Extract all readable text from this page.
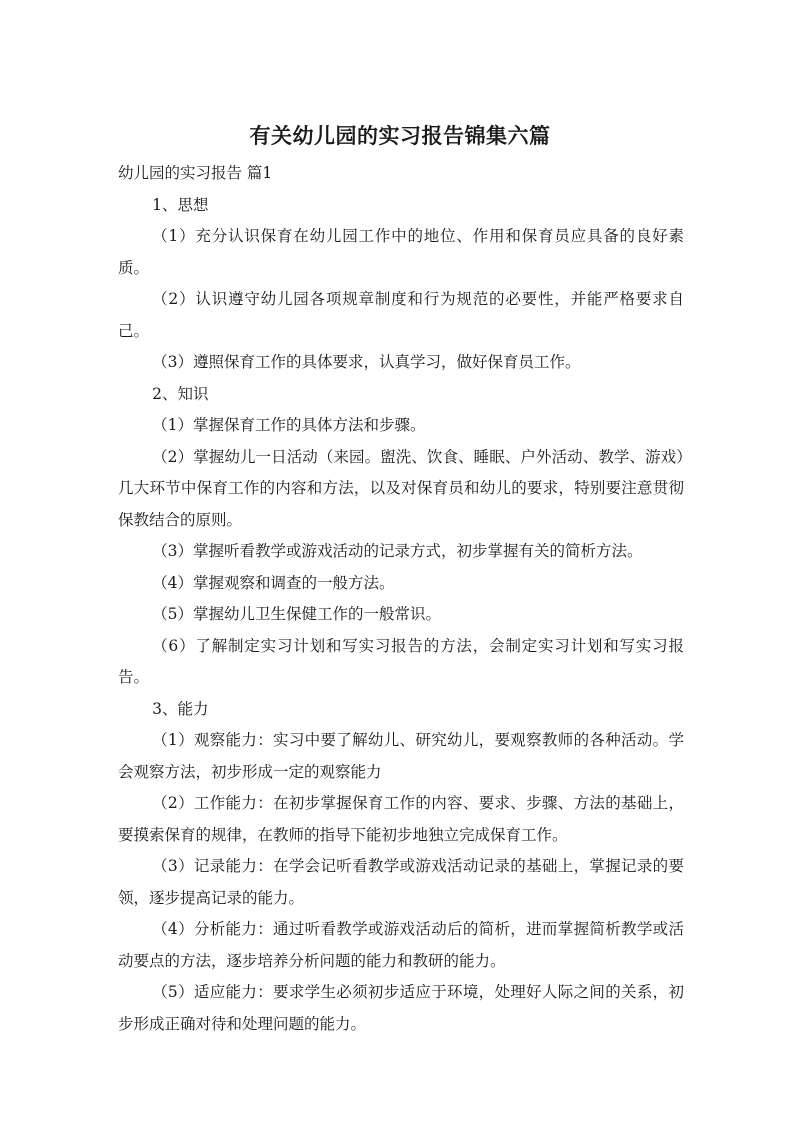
有关幼儿园的实习报告锦集六篇

幼儿园的实习报告 篇1

1、思想

（1）充分认识保育在幼儿园工作中的地位、作用和保育员应具备的良好素质。

（2）认识遵守幼儿园各项规章制度和行为规范的必要性，并能严格要求自己。

（3）遵照保育工作的具体要求，认真学习，做好保育员工作。

2、知识

（1）掌握保育工作的具体方法和步骤。

（2）掌握幼儿一日活动（来园。盥洗、饮食、睡眠、户外活动、教学、游戏）几大环节中保育工作的内容和方法，以及对保育员和幼儿的要求，特别要注意贯彻保教结合的原则。

（3）掌握听看教学或游戏活动的记录方式，初步掌握有关的简析方法。

（4）掌握观察和调查的一般方法。

（5）掌握幼儿卫生保健工作的一般常识。

（6）了解制定实习计划和写实习报告的方法，会制定实习计划和写实习报告。

3、能力

（1）观察能力：实习中要了解幼儿、研究幼儿，要观察教师的各种活动。学会观察方法，初步形成一定的观察能力

（2）工作能力：在初步掌握保育工作的内容、要求、步骤、方法的基础上，要摸索保育的规律，在教师的指导下能初步地独立完成保育工作。

（3）记录能力：在学会记听看教学或游戏活动记录的基础上，掌握记录的要领，逐步提高记录的能力。

（4）分析能力：通过听看教学或游戏活动后的简析，进而掌握简析教学或活动要点的方法，逐步培养分析问题的能力和教研的能力。

（5）适应能力：要求学生必须初步适应于环境，处理好人际之间的关系，初步形成正确对待和处理问题的能力。
